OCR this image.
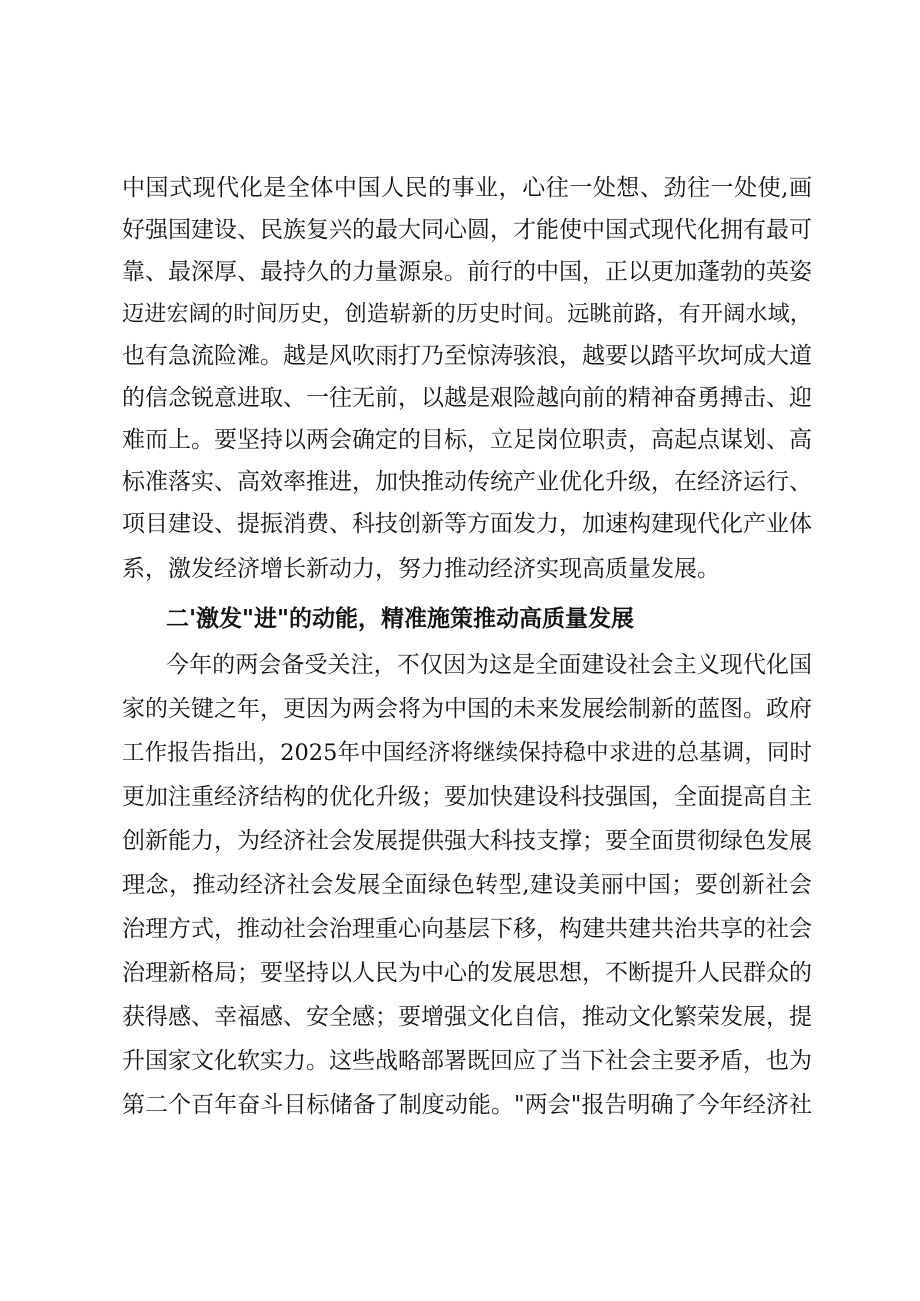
中国式现代化是全体中国人民的事业，心往一处想、劲往一处使,画
好强国建设、民族复兴的最大同心圆，才能使中国式现代化拥有最可
靠、最深厚、最持久的力量源泉。前行的中国，正以更加蓬勃的英姿
迈进宏阔的时间历史，创造崭新的历史时间。远眺前路，有开阔水域，
也有急流险滩。越是风吹雨打乃至惊涛骇浪，越要以踏平坎坷成大道
的信念锐意进取、一往无前，以越是艰险越向前的精神奋勇搏击、迎
难而上。要坚持以两会确定的目标，立足岗位职责，高起点谋划、高
标准落实、高效率推进，加快推动传统产业优化升级，在经济运行、
项目建设、提振消费、科技创新等方面发力，加速构建现代化产业体
系，激发经济增长新动力，努力推动经济实现高质量发展。
二'激发"进"的动能，精准施策推动高质量发展
今年的两会备受关注，不仅因为这是全面建设社会主义现代化国
家的关键之年，更因为两会将为中国的未来发展绘制新的蓝图。政府
工作报告指出，2025年中国经济将继续保持稳中求进的总基调，同时
更加注重经济结构的优化升级；要加快建设科技强国，全面提高自主
创新能力，为经济社会发展提供强大科技支撑；要全面贯彻绿色发展
理念，推动经济社会发展全面绿色转型,建设美丽中国；要创新社会
治理方式，推动社会治理重心向基层下移，构建共建共治共享的社会
治理新格局；要坚持以人民为中心的发展思想，不断提升人民群众的
获得感、幸福感、安全感；要增强文化自信，推动文化繁荣发展，提
升国家文化软实力。这些战略部署既回应了当下社会主要矛盾，也为
第二个百年奋斗目标储备了制度动能。"两会"报告明确了今年经济社
